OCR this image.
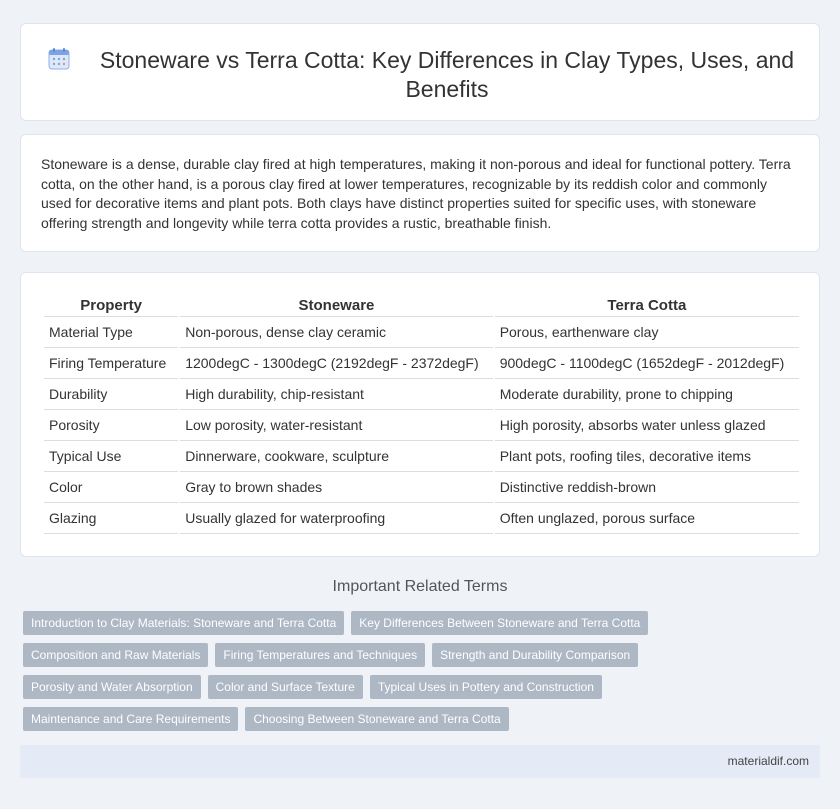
Stoneware vs Terra Cotta: Key Differences in Clay Types, Uses, and Benefits

Stoneware is a dense, durable clay fired at high temperatures, making it non-porous and ideal for functional pottery. Terra cotta, on the other hand, is a porous clay fired at lower temperatures, recognizable by its reddish color and commonly used for decorative items and plant pots. Both clays have distinct properties suited for specific uses, with stoneware offering strength and longevity while terra cotta provides a rustic, breathable finish.

Property	Stoneware	Terra Cotta
Material Type	Non-porous, dense clay ceramic	Porous, earthenware clay
Firing Temperature	1200degC - 1300degC (2192degF - 2372degF)	900degC - 1100degC (1652degF - 2012degF)
Durability	High durability, chip-resistant	Moderate durability, prone to chipping
Porosity	Low porosity, water-resistant	High porosity, absorbs water unless glazed
Typical Use	Dinnerware, cookware, sculpture	Plant pots, roofing tiles, decorative items
Color	Gray to brown shades	Distinctive reddish-brown
Glazing	Usually glazed for waterproofing	Often unglazed, porous surface
Important Related Terms
Introduction to Clay Materials: Stoneware and Terra Cotta	Key Differences Between Stoneware and Terra Cotta
Composition and Raw Materials	Firing Temperatures and Techniques	Strength and Durability Comparison
Porosity and Water Absorption	Color and Surface Texture	Typical Uses in Pottery and Construction
Maintenance and Care Requirements	Choosing Between Stoneware and Terra Cotta
materialdif.com
